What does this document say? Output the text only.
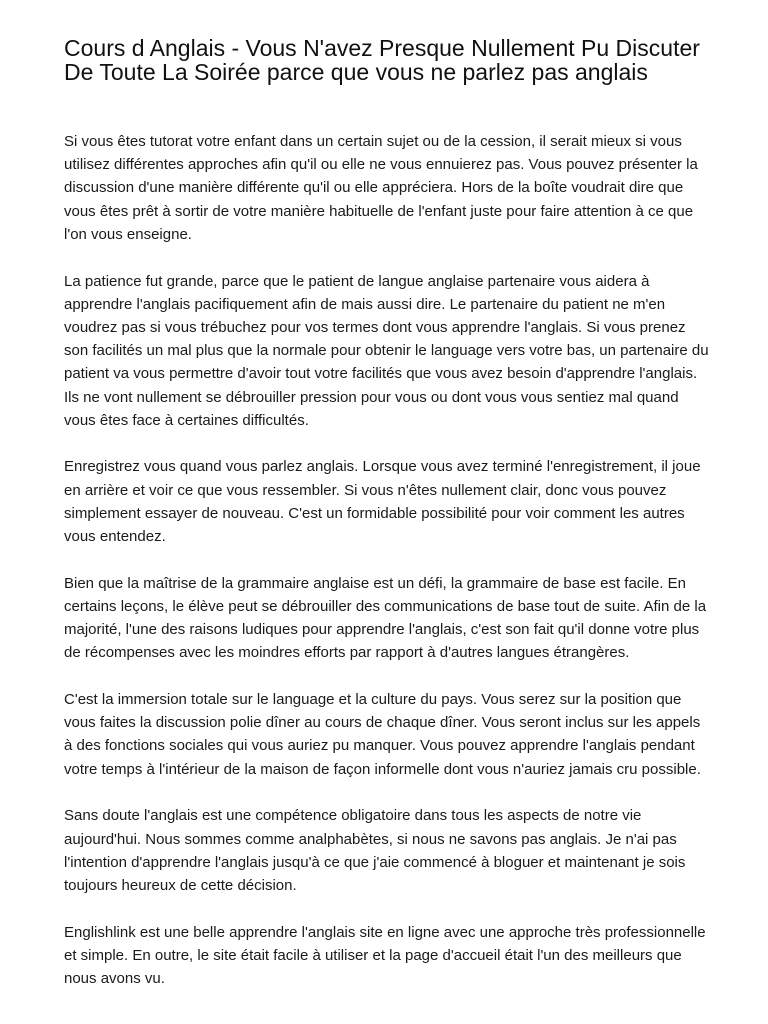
Cours d Anglais - Vous N'avez Presque Nullement Pu Discuter De Toute La Soirée parce que vous ne parlez pas anglais

Si vous êtes tutorat votre enfant dans un certain sujet ou de la cession, il serait mieux si vous utilisez différentes approches afin qu'il ou elle ne vous ennuierez pas. Vous pouvez présenter la discussion d'une manière différente qu'il ou elle appréciera. Hors de la boîte voudrait dire que vous êtes prêt à sortir de votre manière habituelle de l'enfant juste pour faire attention à ce que l'on vous enseigne.

La patience fut grande, parce que le patient de langue anglaise partenaire vous aidera à apprendre l'anglais pacifiquement afin de mais aussi dire. Le partenaire du patient ne m'en voudrez pas si vous trébuchez pour vos termes dont vous apprendre l'anglais. Si vous prenez son facilités un mal plus que la normale pour obtenir le language vers votre bas, un partenaire du patient va vous permettre d'avoir tout votre facilités que vous avez besoin d'apprendre l'anglais. Ils ne vont nullement se débrouiller pression pour vous ou dont vous vous sentiez mal quand vous êtes face à certaines difficultés.

Enregistrez vous quand vous parlez anglais. Lorsque vous avez terminé l'enregistrement, il joue en arrière et voir ce que vous ressembler. Si vous n'êtes nullement clair, donc vous pouvez simplement essayer de nouveau. C'est un formidable possibilité pour voir comment les autres vous entendez.

Bien que la maîtrise de la grammaire anglaise est un défi, la grammaire de base est facile. En certains leçons, le élève peut se débrouiller des communications de base tout de suite. Afin de la majorité, l'une des raisons ludiques pour apprendre l'anglais, c'est son fait qu'il donne votre plus de récompenses avec les moindres efforts par rapport à d'autres langues étrangères.

C'est la immersion totale sur le language et la culture du pays. Vous serez sur la position que vous faites la discussion polie dîner au cours de chaque dîner. Vous seront inclus sur les appels à des fonctions sociales qui vous auriez pu manquer. Vous pouvez apprendre l'anglais pendant votre temps à l'intérieur de la maison de façon informelle dont vous n'auriez jamais cru possible.

Sans doute l'anglais est une compétence obligatoire dans tous les aspects de notre vie aujourd'hui. Nous sommes comme analphabètes, si nous ne savons pas anglais. Je n'ai pas l'intention d'apprendre l'anglais jusqu'à ce que j'aie commencé à bloguer et maintenant je sois toujours heureux de cette décision.

Englishlink est une belle apprendre l'anglais site en ligne avec une approche très professionnelle et simple. En outre, le site était facile à utiliser et la page d'accueil était l'un des meilleurs que nous avons vu.
